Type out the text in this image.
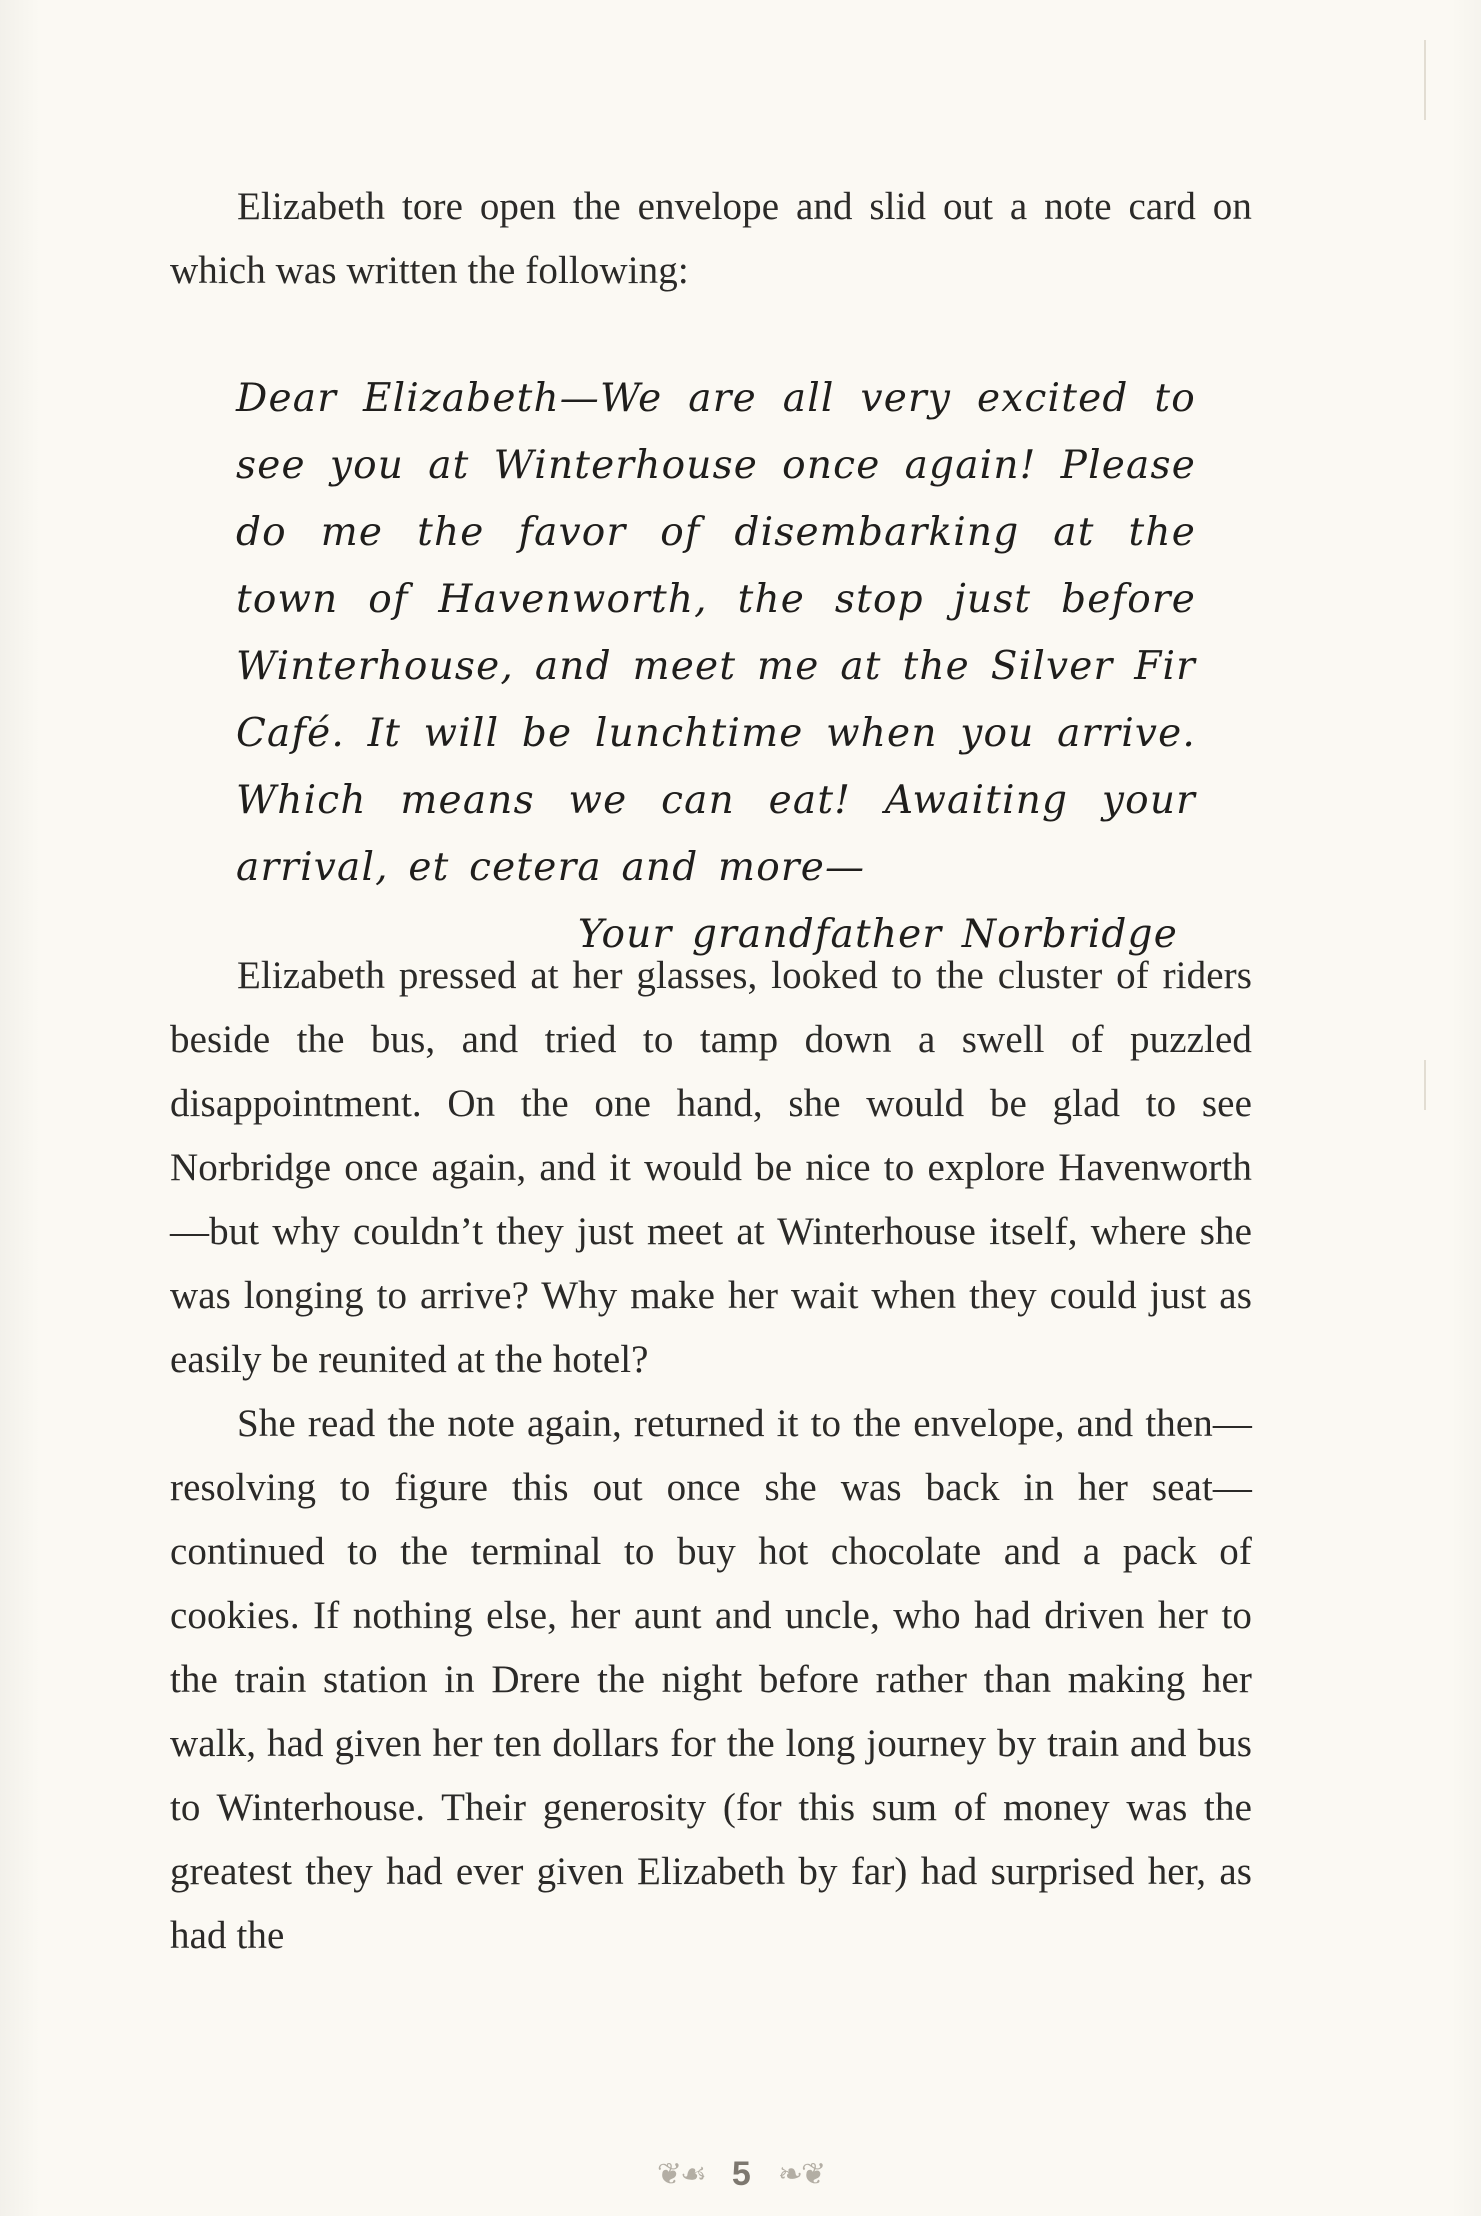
Elizabeth tore open the envelope and slid out a note card on which was written the following:

Dear Elizabeth—We are all very excited to see you at Winterhouse once again! Please do me the favor of disembarking at the town of Havenworth, the stop just before Winterhouse, and meet me at the Silver Fir Café. It will be lunchtime when you arrive. Which means we can eat! Awaiting your arrival, et cetera and more—

Your grandfather Norbridge

Elizabeth pressed at her glasses, looked to the cluster of riders beside the bus, and tried to tamp down a swell of puzzled disappointment. On the one hand, she would be glad to see Norbridge once again, and it would be nice to explore Havenworth—but why couldn’t they just meet at Winterhouse itself, where she was longing to arrive? Why make her wait when they could just as easily be reunited at the hotel?

She read the note again, returned it to the envelope, and then—resolving to figure this out once she was back in her seat—continued to the terminal to buy hot chocolate and a pack of cookies. If nothing else, her aunt and uncle, who had driven her to the train station in Drere the night before rather than making her walk, had given her ten dollars for the long journey by train and bus to Winterhouse. Their generosity (for this sum of money was the greatest they had ever given Elizabeth by far) had surprised her, as had the

❦☙ 5 ❧❦
